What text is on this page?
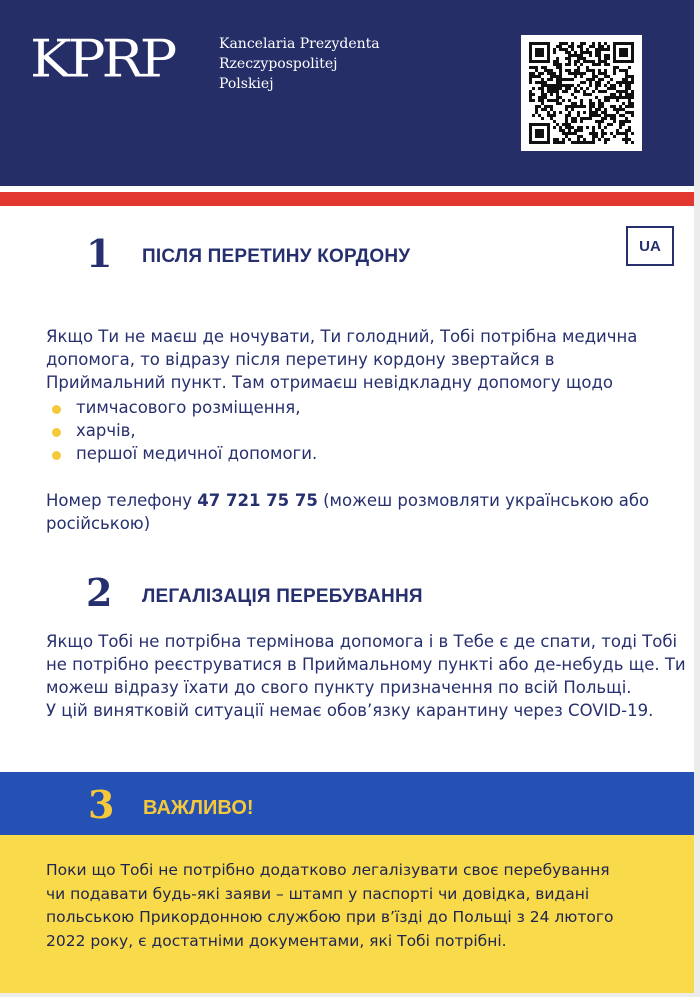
KPRP	Kancelaria Prezydenta
Rzeczypospolitej
Polskiej
UA
1 ПІСЛЯ ПЕРЕТИНУ КОРДОНУ
Якщо Ти не маєш де ночувати, Ти голодний, Тобі потрібна медична
допомога, то відразу після перетину кордону звертайся в
Приймальний пункт. Там отримаєш невідкладну допомогу щодо
тимчасового розміщення,
харчів,
першої медичної допомоги.
Номер телефону 47 721 75 75 (можеш розмовляти українською або
російською)
2 ЛЕГАЛІЗАЦІЯ ПЕРЕБУВАННЯ
Якщо Тобі не потрібна термінова допомога і в Тебе є де спати, тоді Тобі
не потрібно реєструватися в Приймальному пункті або де-небудь ще. Ти
можеш відразу їхати до свого пункту призначення по всій Польщі.
У цій винятковій ситуації немає обов’язку карантину через COVID-19.
3 ВАЖЛИВО!
Поки що Тобі не потрібно додатково легалізувати своє перебування
чи подавати будь-які заяви – штамп у паспорті чи довідка, видані
польською Прикордонною службою при в’їзді до Польщі з 24 лютого
2022 року, є достатніми документами, які Тобі потрібні.
